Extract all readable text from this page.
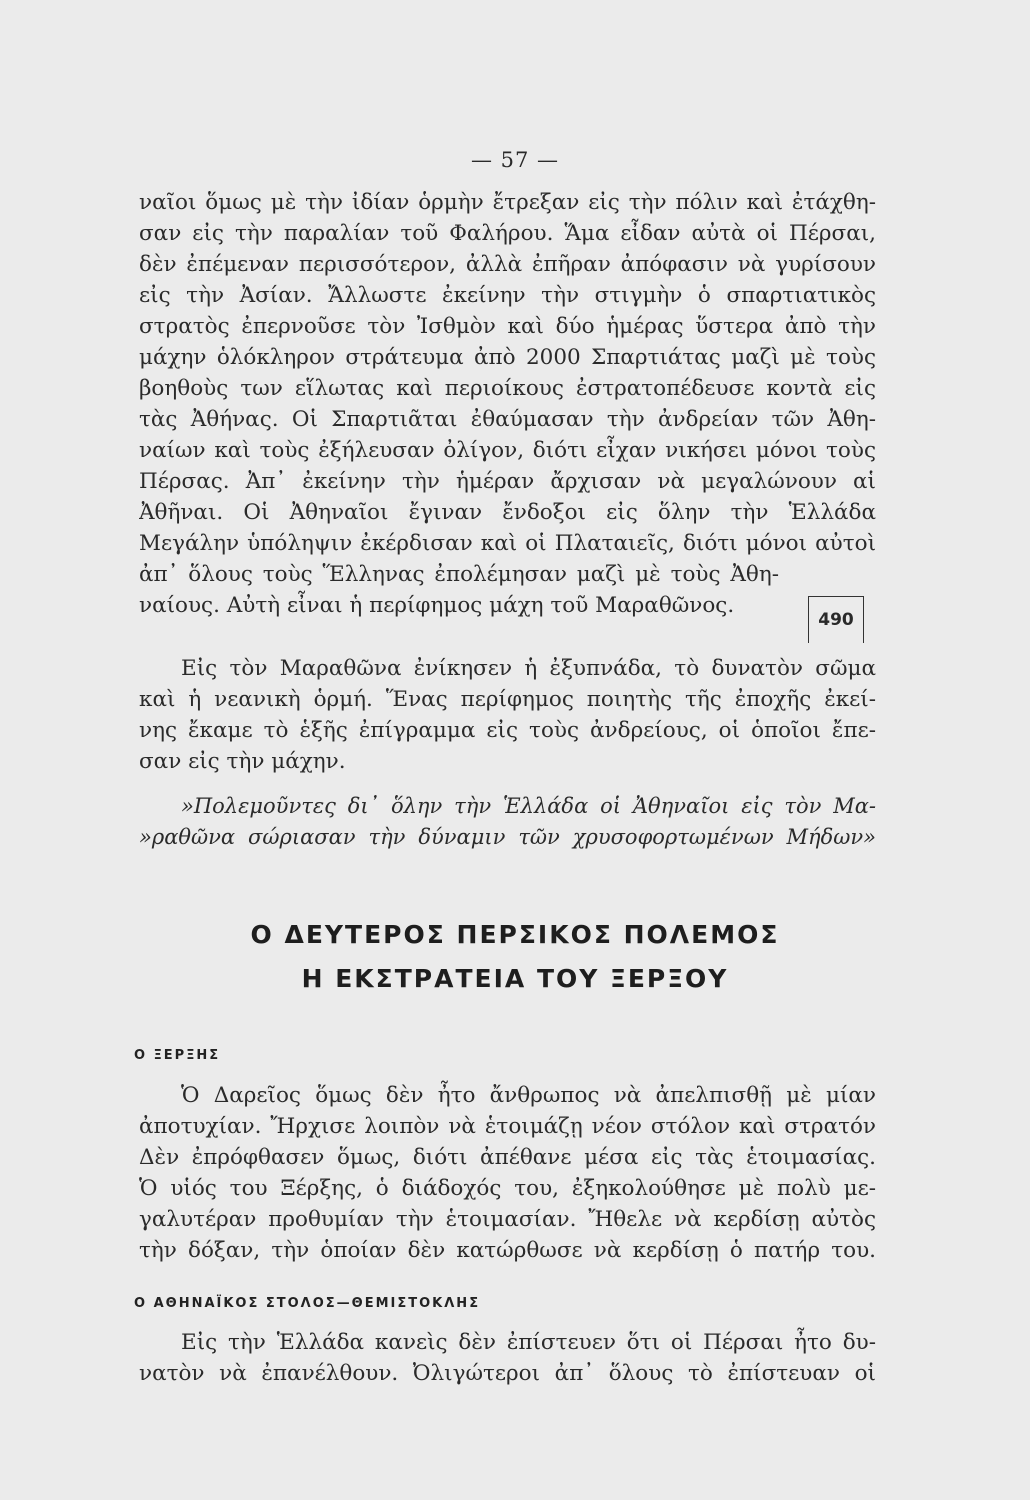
— 57 —
ναῖοι ὅμως μὲ τὴν ἰδίαν ὁρμὴν ἔτρεξαν εἰς τὴν πόλιν καὶ ἐτάχθη-
σαν εἰς τὴν παραλίαν τοῦ Φαλήρου. Ἅμα εἶδαν αὐτὰ οἱ Πέρσαι,
δὲν ἐπέμεναν περισσότερον, ἀλλὰ ἐπῆραν ἀπόφασιν νὰ γυρίσουν
εἰς τὴν Ἀσίαν. Ἄλλωστε ἐκείνην τὴν στιγμὴν ὁ σπαρτιατικὸς
στρατὸς ἐπερνοῦσε τὸν Ἰσθμὸν καὶ δύο ἡμέρας ὕστερα ἀπὸ τὴν
μάχην ὁλόκληρον στράτευμα ἀπὸ 2000 Σπαρτιάτας μαζὶ μὲ τοὺς
βοηθοὺς των εἵλωτας καὶ περιοίκους ἐστρατοπέδευσε κοντὰ εἰς
τὰς Ἀθήνας. Οἱ Σπαρτιᾶται ἐθαύμασαν τὴν ἀνδρείαν τῶν Ἀθη-
ναίων καὶ τοὺς ἐξήλευσαν ὀλίγον, διότι εἶχαν νικήσει μόνοι τοὺς
Πέρσας. Ἀπ᾽ ἐκείνην τὴν ἡμέραν ἄρχισαν νὰ μεγαλώνουν αἱ
Ἀθῆναι. Οἱ Ἀθηναῖοι ἔγιναν ἔνδοξοι εἰς ὅλην τὴν Ἑλλάδα
Μεγάλην ὑπόληψιν ἐκέρδισαν καὶ οἱ Πλαταιεῖς, διότι μόνοι αὐτοὶ
ἀπ᾽ ὅλους τοὺς Ἕλληνας ἐπολέμησαν μαζὶ μὲ τοὺς Ἀθη-
ναίους. Αὐτὴ εἶναι ἡ περίφημος μάχη τοῦ Μαραθῶνος.
490
Εἰς τὸν Μαραθῶνα ἐνίκησεν ἡ ἐξυπνάδα, τὸ δυνατὸν σῶμα
καὶ ἡ νεανικὴ ὁρμή. Ἕνας περίφημος ποιητὴς τῆς ἐποχῆς ἐκεί-
νης ἔκαμε τὸ ἑξῆς ἐπίγραμμα εἰς τοὺς ἀνδρείους, οἱ ὁποῖοι ἔπε-
σαν εἰς τὴν μάχην.
»Πολεμοῦντες δι᾽ ὅλην τὴν Ἑλλάδα οἱ Ἀθηναῖοι εἰς τὸν Μα-
»ραθῶνα σώριασαν τὴν δύναμιν τῶν χρυσοφορτωμένων Μήδων»
Ο ΔΕΥΤΕΡΟΣ ΠΕΡΣΙΚΟΣ ΠΟΛΕΜΟΣ
Η ΕΚΣΤΡΑΤΕΙΑ ΤΟΥ ΞΕΡΞΟΥ
Ο ΞΕΡΞΗΣ
Ὁ Δαρεῖος ὅμως δὲν ἦτο ἄνθρωπος νὰ ἀπελπισθῇ μὲ μίαν
ἀποτυχίαν. Ἤρχισε λοιπὸν νὰ ἑτοιμάζῃ νέον στόλον καὶ στρατόν
Δὲν ἐπρόφθασεν ὅμως, διότι ἀπέθανε μέσα εἰς τὰς ἑτοιμασίας.
Ὁ υἱός του Ξέρξης, ὁ διάδοχός του, ἐξηκολούθησε μὲ πολὺ με-
γαλυτέραν προθυμίαν τὴν ἑτοιμασίαν. Ἤθελε νὰ κερδίσῃ αὐτὸς
τὴν δόξαν, τὴν ὁποίαν δὲν κατώρθωσε νὰ κερδίσῃ ὁ πατήρ του.
Ο ΑΘΗΝΑΪΚΟΣ ΣΤΟΛΟΣ—ΘΕΜΙΣΤΟΚΛΗΣ
Εἰς τὴν Ἑλλάδα κανεὶς δὲν ἐπίστευεν ὅτι οἱ Πέρσαι ἦτο δυ-
νατὸν νὰ ἐπανέλθουν. Ὀλιγώτεροι ἀπ᾽ ὅλους τὸ ἐπίστευαν οἱ
